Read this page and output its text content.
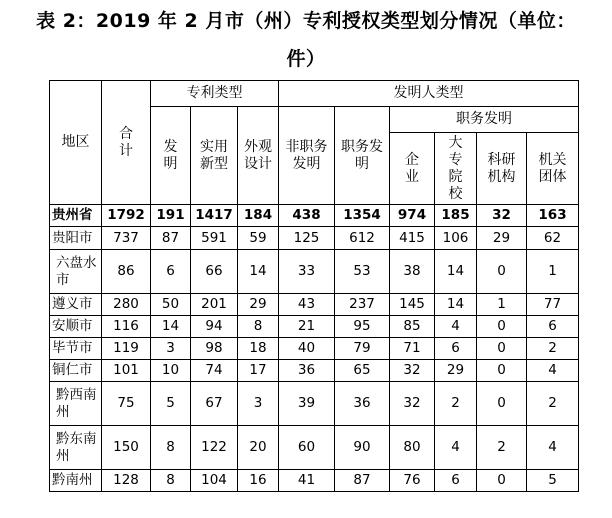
表 2：2019 年 2 月市（州）专利授权类型划分情况（单位：
件）
地区	合计	专利类型			发明人类型					
		发明	实用新型	外观设计	非职务发明	职务发明	职务发明			
							企业	大专院校	科研机构	机关团体
贵州省	1792	191	1417	184	438	1354	974	185	32	163
贵阳市	737	87	591	59	125	612	415	106	29	62
六盘水市	86	6	66	14	33	53	38	14	0	1
遵义市	280	50	201	29	43	237	145	14	1	77
安顺市	116	14	94	8	21	95	85	4	0	6
毕节市	119	3	98	18	40	79	71	6	0	2
铜仁市	101	10	74	17	36	65	32	29	0	4
黔西南州	75	5	67	3	39	36	32	2	0	2
黔东南州	150	8	122	20	60	90	80	4	2	4
黔南州	128	8	104	16	41	87	76	6	0	5
